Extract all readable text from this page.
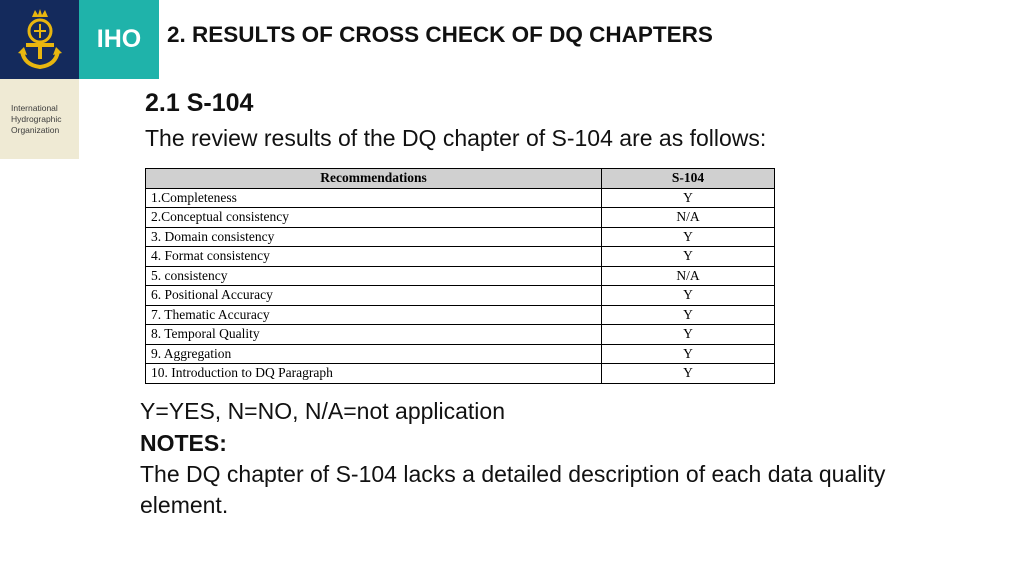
IHO
International
Hydrographic
Organization
2. RESULTS OF CROSS CHECK OF DQ CHAPTERS
2.1 S-104
The review results of the DQ chapter of S-104 are as follows:
Recommendations	S-104
1.Completeness	Y
2.Conceptual consistency	N/A
3. Domain consistency	Y
4. Format consistency	Y
5. consistency	N/A
6. Positional Accuracy	Y
7. Thematic Accuracy	Y
8. Temporal Quality	Y
9. Aggregation	Y
10. Introduction to DQ Paragraph	Y
Y=YES, N=NO, N/A=not application
NOTES:
The DQ chapter of S-104 lacks a detailed description of each data quality element.
